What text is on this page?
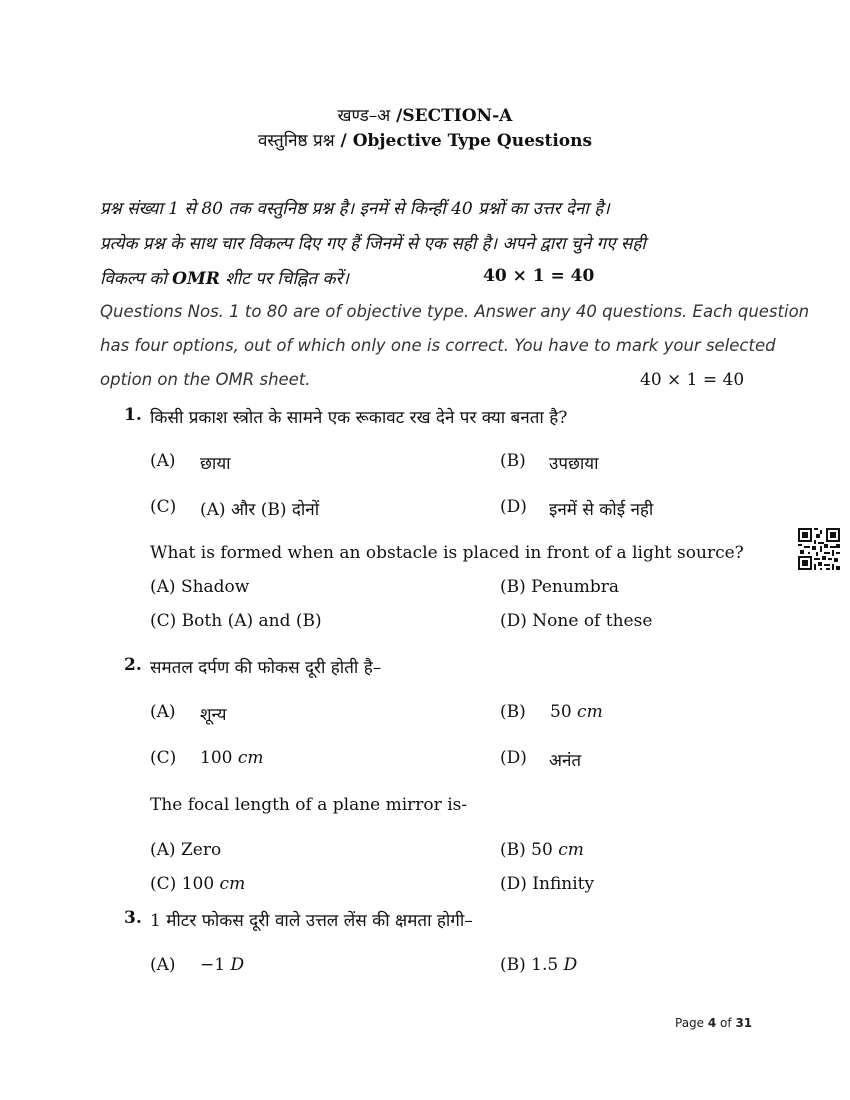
खण्ड–अ /SECTION-A
वस्तुनिष्ठ प्रश्न / Objective Type Questions
प्रश्न संख्या 1 से 80 तक वस्तुनिष्ठ प्रश्न है। इनमें से किन्हीं 40 प्रश्नों का उत्तर देना है।
प्रत्येक प्रश्न के साथ चार विकल्प दिए गए हैं जिनमें से एक सही है। अपने द्वारा चुने गए सही
विकल्प को OMR शीट पर चिह्नित करें।	40 × 1 = 40
Questions Nos. 1 to 80 are of objective type. Answer any 40 questions. Each question
has four options, out of which only one is correct. You have to mark your selected
option on the OMR sheet.	40 × 1 = 40
1. किसी प्रकाश स्त्रोत के सामने एक रूकावट रख देने पर क्या बनता है?
(A) छाया	(B) उपछाया
(C) (A) और (B) दोनों	(D) इनमें से कोई नही
What is formed when an obstacle is placed in front of a light source?
(A) Shadow	(B) Penumbra
(C) Both (A) and (B)	(D) None of these
2. समतल दर्पण की फोकस दूरी होती है–
(A) शून्य	(B) 50 cm
(C) 100 cm	(D) अनंत
The focal length of a plane mirror is-
(A) Zero	(B) 50 cm
(C) 100 cm	(D) Infinity
3. 1 मीटर फोकस दूरी वाले उत्तल लेंस की क्षमता होगी–
(A) −1 D	(B) 1.5 D
Page 4 of 31
